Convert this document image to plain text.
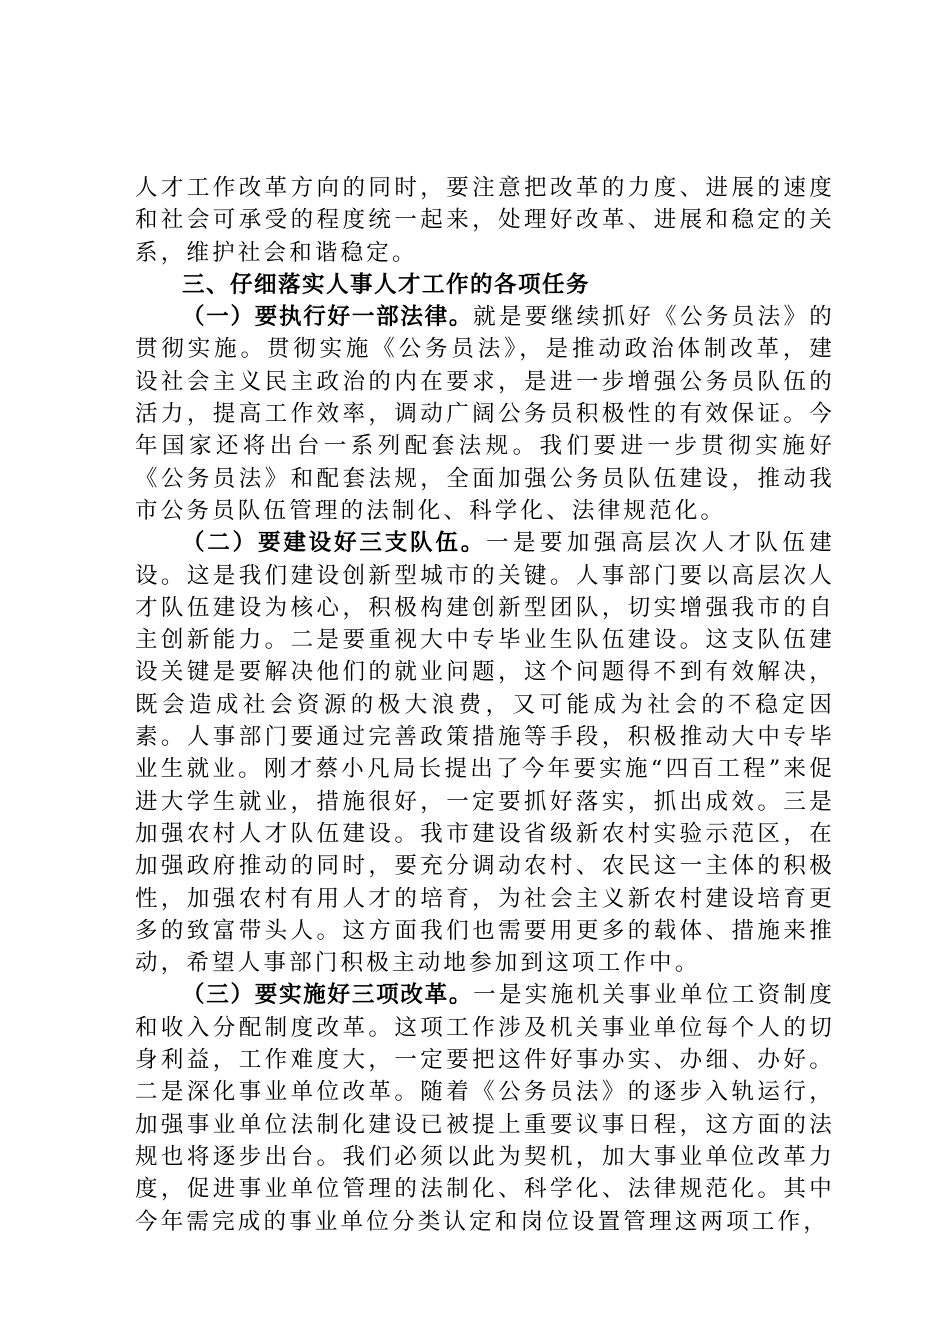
人才工作改革方向的同时，要注意把改革的力度、进展的速度和社会可承受的程度统一起来，处理好改革、进展和稳定的关系，维护社会和谐稳定。

三、仔细落实人事人才工作的各项任务

（一）要执行好一部法律。就是要继续抓好《公务员法》的贯彻实施。贯彻实施《公务员法》，是推动政治体制改革，建设社会主义民主政治的内在要求，是进一步增强公务员队伍的活力，提高工作效率，调动广阔公务员积极性的有效保证。今年国家还将出台一系列配套法规。我们要进一步贯彻实施好《公务员法》和配套法规，全面加强公务员队伍建设，推动我市公务员队伍管理的法制化、科学化、法律规范化。

（二）要建设好三支队伍。一是要加强高层次人才队伍建设。这是我们建设创新型城市的关键。人事部门要以高层次人才队伍建设为核心，积极构建创新型团队，切实增强我市的自主创新能力。二是要重视大中专毕业生队伍建设。这支队伍建设关键是要解决他们的就业问题，这个问题得不到有效解决，既会造成社会资源的极大浪费，又可能成为社会的不稳定因素。人事部门要通过完善政策措施等手段，积极推动大中专毕业生就业。刚才蔡小凡局长提出了今年要实施“四百工程”来促进大学生就业，措施很好，一定要抓好落实，抓出成效。三是加强农村人才队伍建设。我市建设省级新农村实验示范区，在加强政府推动的同时，要充分调动农村、农民这一主体的积极性，加强农村有用人才的培育，为社会主义新农村建设培育更多的致富带头人。这方面我们也需要用更多的载体、措施来推动，希望人事部门积极主动地参加到这项工作中。

（三）要实施好三项改革。一是实施机关事业单位工资制度和收入分配制度改革。这项工作涉及机关事业单位每个人的切身利益，工作难度大，一定要把这件好事办实、办细、办好。二是深化事业单位改革。随着《公务员法》的逐步入轨运行，加强事业单位法制化建设已被提上重要议事日程，这方面的法规也将逐步出台。我们必须以此为契机，加大事业单位改革力度，促进事业单位管理的法制化、科学化、法律规范化。其中今年需完成的事业单位分类认定和岗位设置管理这两项工作，
